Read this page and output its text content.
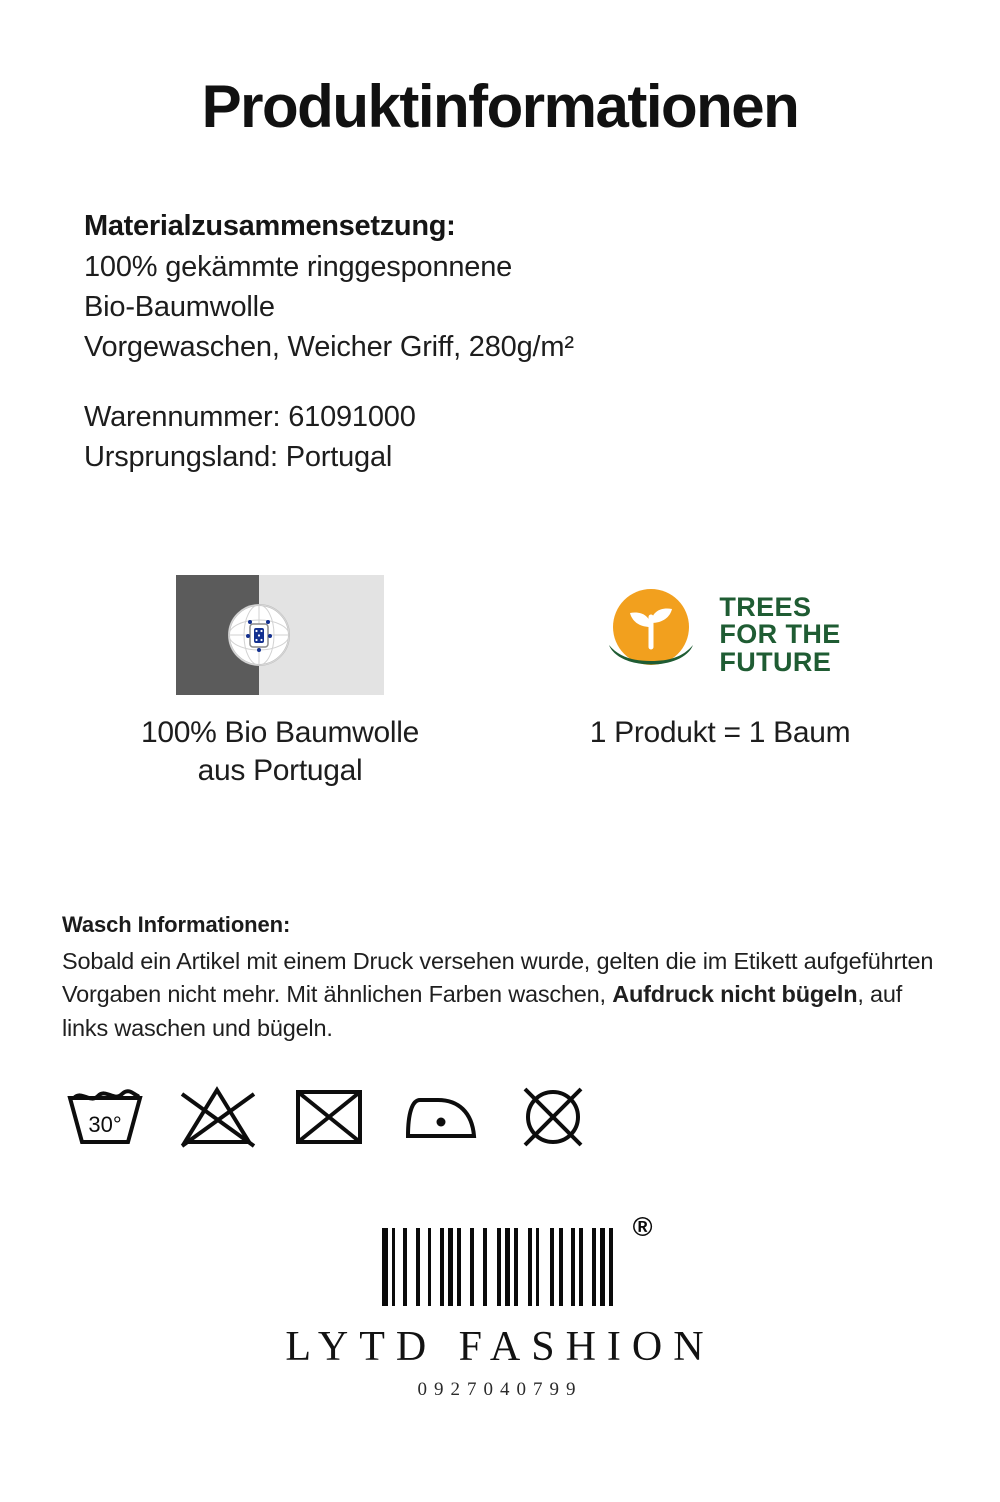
Produktinformationen
Materialzusammensetzung:
100% gekämmte ringgesponnene
Bio-Baumwolle
Vorgewaschen, Weicher Griff, 280g/m²
Warennummer: 61091000
Ursprungsland: Portugal
100% Bio Baumwolle
aus Portugal
TREES
FOR THE
FUTURE
1 Produkt = 1 Baum
Wasch Informationen:
Sobald ein Artikel mit einem Druck versehen wurde, gelten die im Etikett aufgeführten Vorgaben nicht mehr. Mit ähnlichen Farben waschen, Aufdruck nicht bügeln, auf links waschen und bügeln.
30°
®
LYTD FASHION
0927040799
